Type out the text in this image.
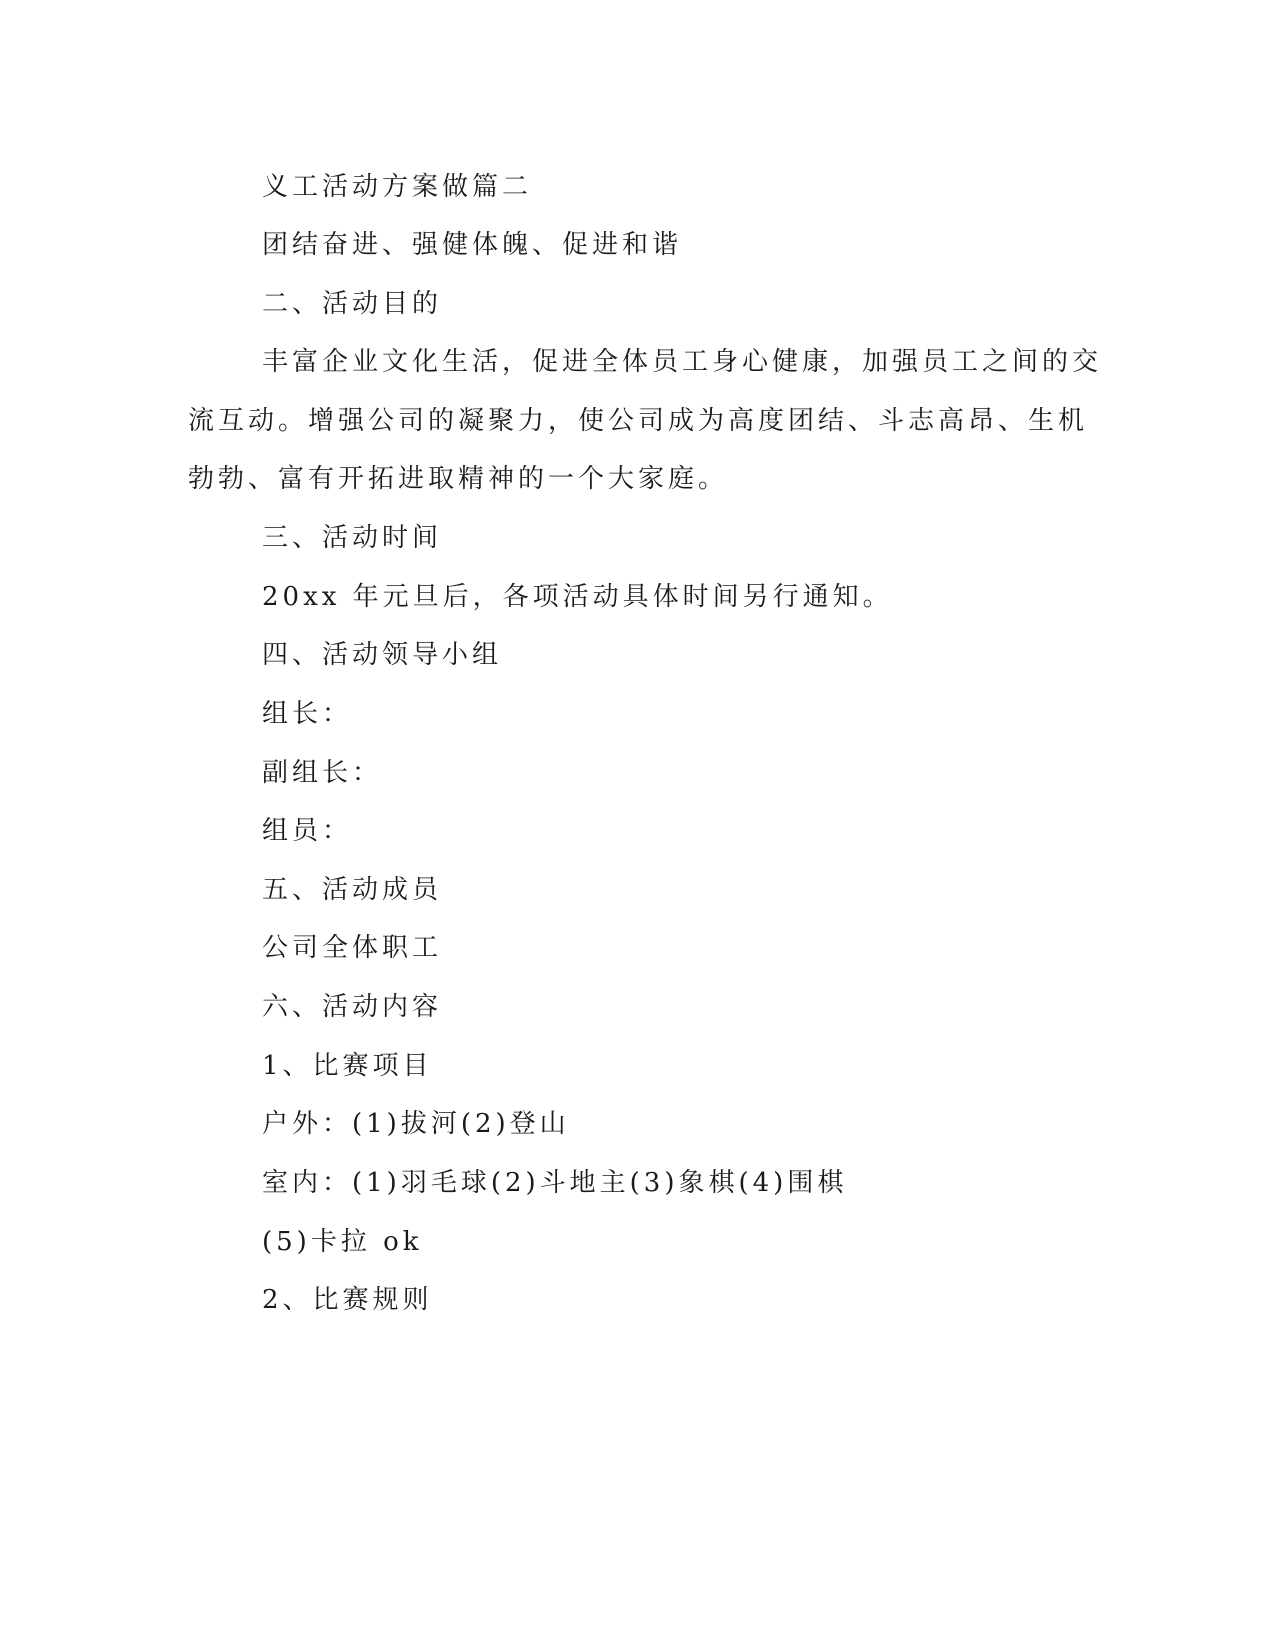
义工活动方案做篇二
团结奋进、强健体魄、促进和谐
二、活动目的
丰富企业文化生活，促进全体员工身心健康，加强员工之间的交
流互动。增强公司的凝聚力，使公司成为高度团结、斗志高昂、生机
勃勃、富有开拓进取精神的一个大家庭。
三、活动时间
20xx 年元旦后，各项活动具体时间另行通知。
四、活动领导小组
组长：
副组长：
组员：
五、活动成员
公司全体职工
六、活动内容
1、比赛项目
户外：(1)拔河(2)登山
室内：(1)羽毛球(2)斗地主(3)象棋(4)围棋
(5)卡拉 ok
2、比赛规则
